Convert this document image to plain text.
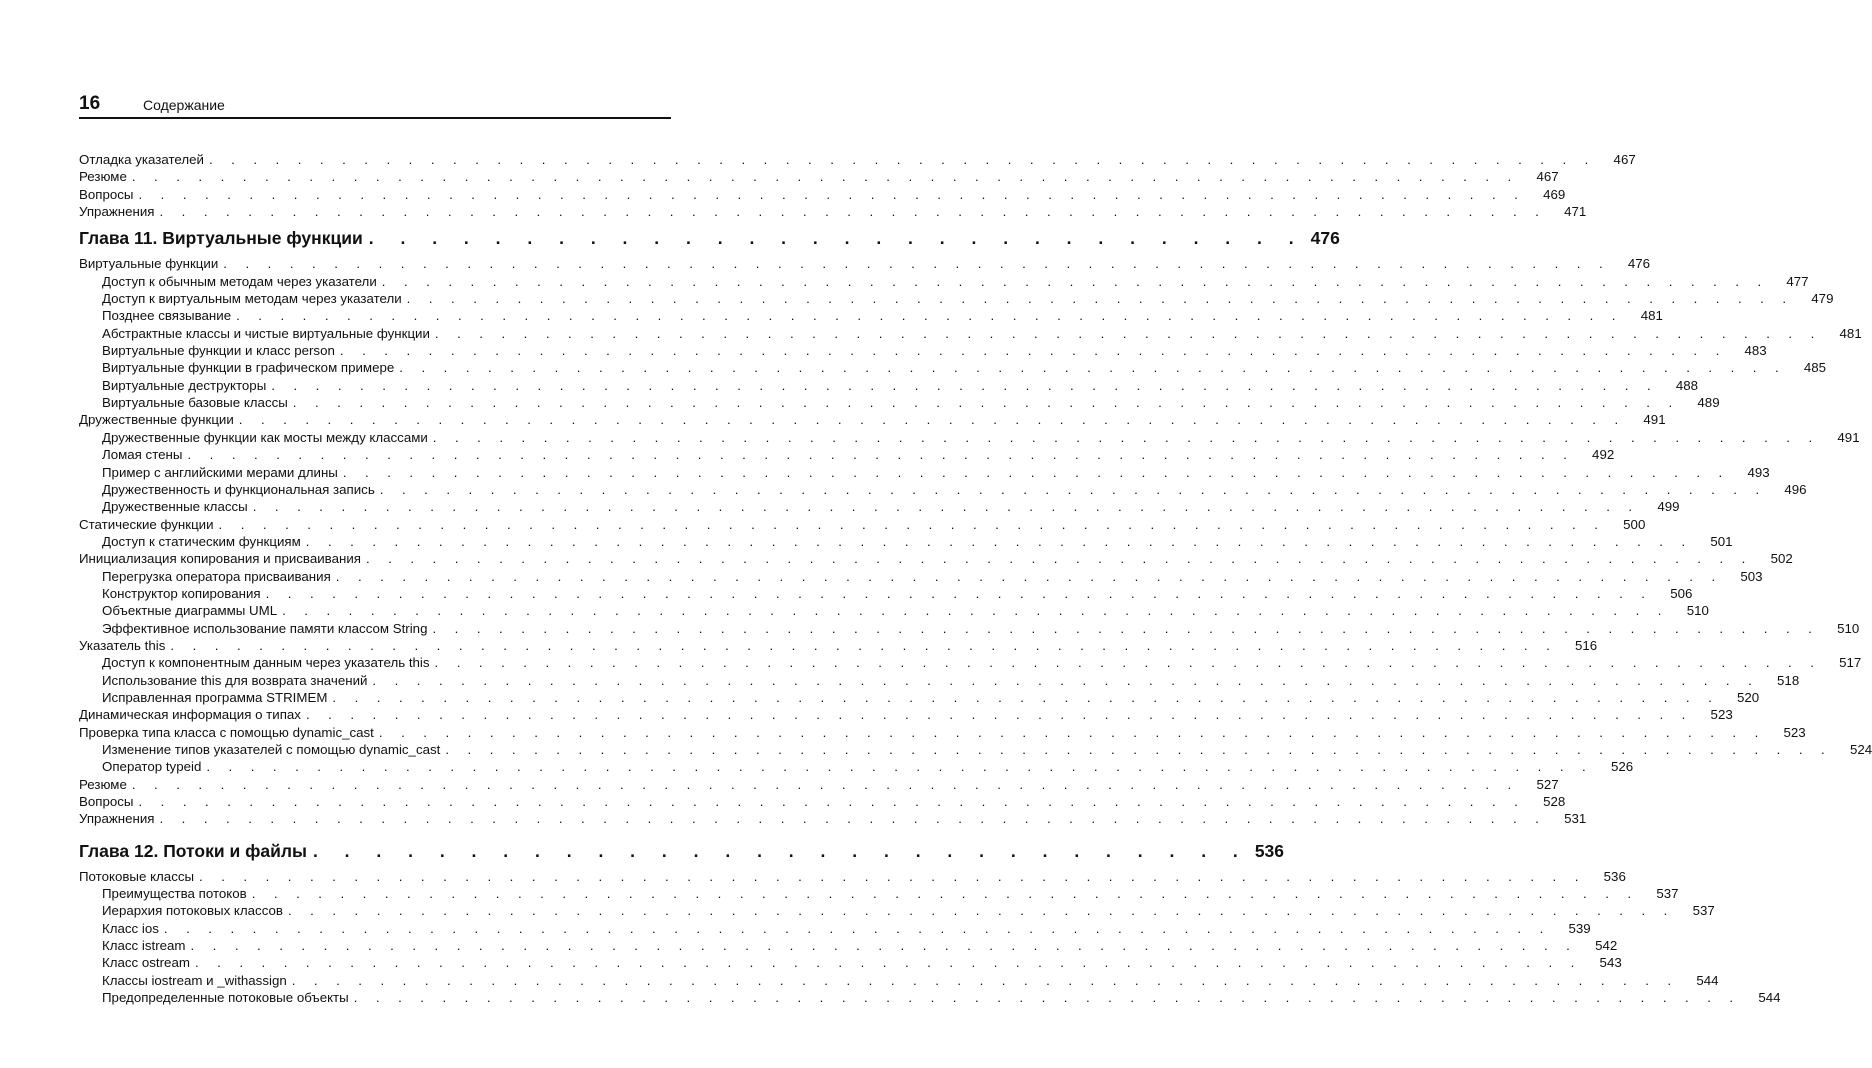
16	Содержание
Отладка указателей . . . . . . . . . . . . . . . . . . . . . . . . . . . . . . . . . . . . . . . . . . . . . . . . . . . . . . . . . . . . . . .	467
Резюме . . . . . . . . . . . . . . . . . . . . . . . . . . . . . . . . . . . . . . . . . . . . . . . . . . . . . . . . . . . . . . .	467
Вопросы . . . . . . . . . . . . . . . . . . . . . . . . . . . . . . . . . . . . . . . . . . . . . . . . . . . . . . . . . . . . . . .	469
Упражнения . . . . . . . . . . . . . . . . . . . . . . . . . . . . . . . . . . . . . . . . . . . . . . . . . . . . . . . . . . . . . . .	471
Глава 11. Виртуальные функции . . . . . . . . . . . . . . . . . . . . . . . . . . . . . . 476
Виртуальные функции . . . . . . . . . . . . . . . . . . . . . . . . . . . . . . . . . . . . . . . . . . . . . . . . . . . . . . . . . . . . . . .	476
Доступ к обычным методам через указатели . . . . . . . . . . . . . . . . . . . . . . . . . . . . . . . . . . . . . . . . . . . . . . . . . . . . . . . . . . . . . . .	477
Доступ к виртуальным методам через указатели . . . . . . . . . . . . . . . . . . . . . . . . . . . . . . . . . . . . . . . . . . . . . . . . . . . . . . . . . . . . . . .	479
Позднее связывание . . . . . . . . . . . . . . . . . . . . . . . . . . . . . . . . . . . . . . . . . . . . . . . . . . . . . . . . . . . . . . .	481
Абстрактные классы и чистые виртуальные функции . . . . . . . . . . . . . . . . . . . . . . . . . . . . . . . . . . . . . . . . . . . . . . . . . . . . . . . . . . . . . . .	481
Виртуальные функции и класс person . . . . . . . . . . . . . . . . . . . . . . . . . . . . . . . . . . . . . . . . . . . . . . . . . . . . . . . . . . . . . . .	483
Виртуальные функции в графическом примере . . . . . . . . . . . . . . . . . . . . . . . . . . . . . . . . . . . . . . . . . . . . . . . . . . . . . . . . . . . . . . .	485
Виртуальные деструкторы . . . . . . . . . . . . . . . . . . . . . . . . . . . . . . . . . . . . . . . . . . . . . . . . . . . . . . . . . . . . . . .	488
Виртуальные базовые классы . . . . . . . . . . . . . . . . . . . . . . . . . . . . . . . . . . . . . . . . . . . . . . . . . . . . . . . . . . . . . . .	489
Дружественные функции . . . . . . . . . . . . . . . . . . . . . . . . . . . . . . . . . . . . . . . . . . . . . . . . . . . . . . . . . . . . . . .	491
Дружественные функции как мосты между классами . . . . . . . . . . . . . . . . . . . . . . . . . . . . . . . . . . . . . . . . . . . . . . . . . . . . . . . . . . . . . . .	491
Ломая стены . . . . . . . . . . . . . . . . . . . . . . . . . . . . . . . . . . . . . . . . . . . . . . . . . . . . . . . . . . . . . . .	492
Пример с английскими мерами длины . . . . . . . . . . . . . . . . . . . . . . . . . . . . . . . . . . . . . . . . . . . . . . . . . . . . . . . . . . . . . . .	493
Дружественность и функциональная запись . . . . . . . . . . . . . . . . . . . . . . . . . . . . . . . . . . . . . . . . . . . . . . . . . . . . . . . . . . . . . . .	496
Дружественные классы . . . . . . . . . . . . . . . . . . . . . . . . . . . . . . . . . . . . . . . . . . . . . . . . . . . . . . . . . . . . . . .	499
Статические функции . . . . . . . . . . . . . . . . . . . . . . . . . . . . . . . . . . . . . . . . . . . . . . . . . . . . . . . . . . . . . . .	500
Доступ к статическим функциям . . . . . . . . . . . . . . . . . . . . . . . . . . . . . . . . . . . . . . . . . . . . . . . . . . . . . . . . . . . . . . .	501
Инициализация копирования и присваивания . . . . . . . . . . . . . . . . . . . . . . . . . . . . . . . . . . . . . . . . . . . . . . . . . . . . . . . . . . . . . . .	502
Перегрузка оператора присваивания . . . . . . . . . . . . . . . . . . . . . . . . . . . . . . . . . . . . . . . . . . . . . . . . . . . . . . . . . . . . . . .	503
Конструктор копирования . . . . . . . . . . . . . . . . . . . . . . . . . . . . . . . . . . . . . . . . . . . . . . . . . . . . . . . . . . . . . . .	506
Объектные диаграммы UML . . . . . . . . . . . . . . . . . . . . . . . . . . . . . . . . . . . . . . . . . . . . . . . . . . . . . . . . . . . . . . .	510
Эффективное использование памяти классом String . . . . . . . . . . . . . . . . . . . . . . . . . . . . . . . . . . . . . . . . . . . . . . . . . . . . . . . . . . . . . . .	510
Указатель this . . . . . . . . . . . . . . . . . . . . . . . . . . . . . . . . . . . . . . . . . . . . . . . . . . . . . . . . . . . . . . .	516
Доступ к компонентным данным через указатель this . . . . . . . . . . . . . . . . . . . . . . . . . . . . . . . . . . . . . . . . . . . . . . . . . . . . . . . . . . . . . . .	517
Использование this для возврата значений . . . . . . . . . . . . . . . . . . . . . . . . . . . . . . . . . . . . . . . . . . . . . . . . . . . . . . . . . . . . . . .	518
Исправленная программа STRIMEM . . . . . . . . . . . . . . . . . . . . . . . . . . . . . . . . . . . . . . . . . . . . . . . . . . . . . . . . . . . . . . .	520
Динамическая информация о типах . . . . . . . . . . . . . . . . . . . . . . . . . . . . . . . . . . . . . . . . . . . . . . . . . . . . . . . . . . . . . . .	523
Проверка типа класса с помощью dynamic_cast . . . . . . . . . . . . . . . . . . . . . . . . . . . . . . . . . . . . . . . . . . . . . . . . . . . . . . . . . . . . . . .	523
Изменение типов указателей с помощью dynamic_cast . . . . . . . . . . . . . . . . . . . . . . . . . . . . . . . . . . . . . . . . . . . . . . . . . . . . . . . . . . . . . . .	524
Оператор typeid . . . . . . . . . . . . . . . . . . . . . . . . . . . . . . . . . . . . . . . . . . . . . . . . . . . . . . . . . . . . . . .	526
Резюме . . . . . . . . . . . . . . . . . . . . . . . . . . . . . . . . . . . . . . . . . . . . . . . . . . . . . . . . . . . . . . .	527
Вопросы . . . . . . . . . . . . . . . . . . . . . . . . . . . . . . . . . . . . . . . . . . . . . . . . . . . . . . . . . . . . . . .	528
Упражнения . . . . . . . . . . . . . . . . . . . . . . . . . . . . . . . . . . . . . . . . . . . . . . . . . . . . . . . . . . . . . . .	531
Глава 12. Потоки и файлы . . . . . . . . . . . . . . . . . . . . . . . . . . . . . . 536
Потоковые классы . . . . . . . . . . . . . . . . . . . . . . . . . . . . . . . . . . . . . . . . . . . . . . . . . . . . . . . . . . . . . . .	536
Преимущества потоков . . . . . . . . . . . . . . . . . . . . . . . . . . . . . . . . . . . . . . . . . . . . . . . . . . . . . . . . . . . . . . .	537
Иерархия потоковых классов . . . . . . . . . . . . . . . . . . . . . . . . . . . . . . . . . . . . . . . . . . . . . . . . . . . . . . . . . . . . . . .	537
Класс ios . . . . . . . . . . . . . . . . . . . . . . . . . . . . . . . . . . . . . . . . . . . . . . . . . . . . . . . . . . . . . . .	539
Класс istream . . . . . . . . . . . . . . . . . . . . . . . . . . . . . . . . . . . . . . . . . . . . . . . . . . . . . . . . . . . . . . .	542
Класс ostream . . . . . . . . . . . . . . . . . . . . . . . . . . . . . . . . . . . . . . . . . . . . . . . . . . . . . . . . . . . . . . .	543
Классы iostream и _withassign . . . . . . . . . . . . . . . . . . . . . . . . . . . . . . . . . . . . . . . . . . . . . . . . . . . . . . . . . . . . . . .	544
Предопределенные потоковые объекты . . . . . . . . . . . . . . . . . . . . . . . . . . . . . . . . . . . . . . . . . . . . . . . . . . . . . . . . . . . . . . .	544
